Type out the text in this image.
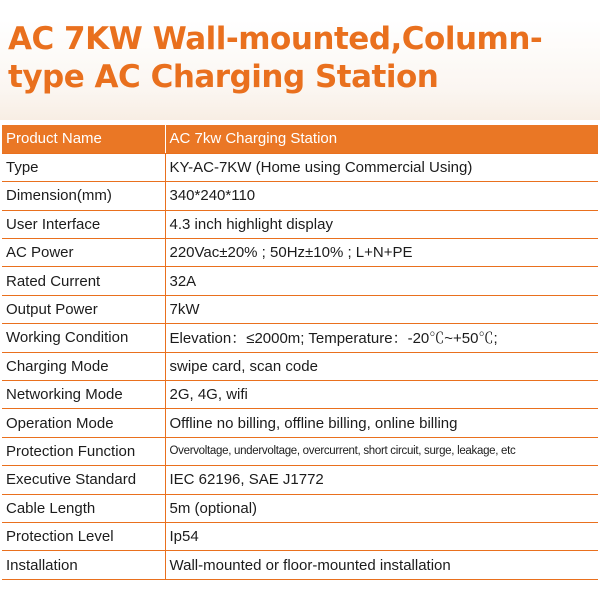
AC 7KW Wall-mounted,Column-
type AC Charging Station
Product Name	AC 7kw Charging Station
Type	KY-AC-7KW (Home using Commercial Using)
Dimension(mm)	340*240*110
User Interface	4.3 inch highlight display
AC Power	220Vac±20% ; 50Hz±10% ; L+N+PE
Rated Current	32A
Output Power	7kW
Working Condition	Elevation：≤2000m; Temperature：-20℃~+50℃;
Charging Mode	swipe card, scan code
Networking Mode	2G, 4G, wifi
Operation Mode	Offline no billing, offline billing, online billing
Protection Function	Overvoltage, undervoltage, overcurrent, short circuit, surge, leakage, etc
Executive Standard	IEC 62196, SAE J1772
Cable Length	5m (optional)
Protection Level	Ip54
Installation	Wall-mounted or floor-mounted installation
